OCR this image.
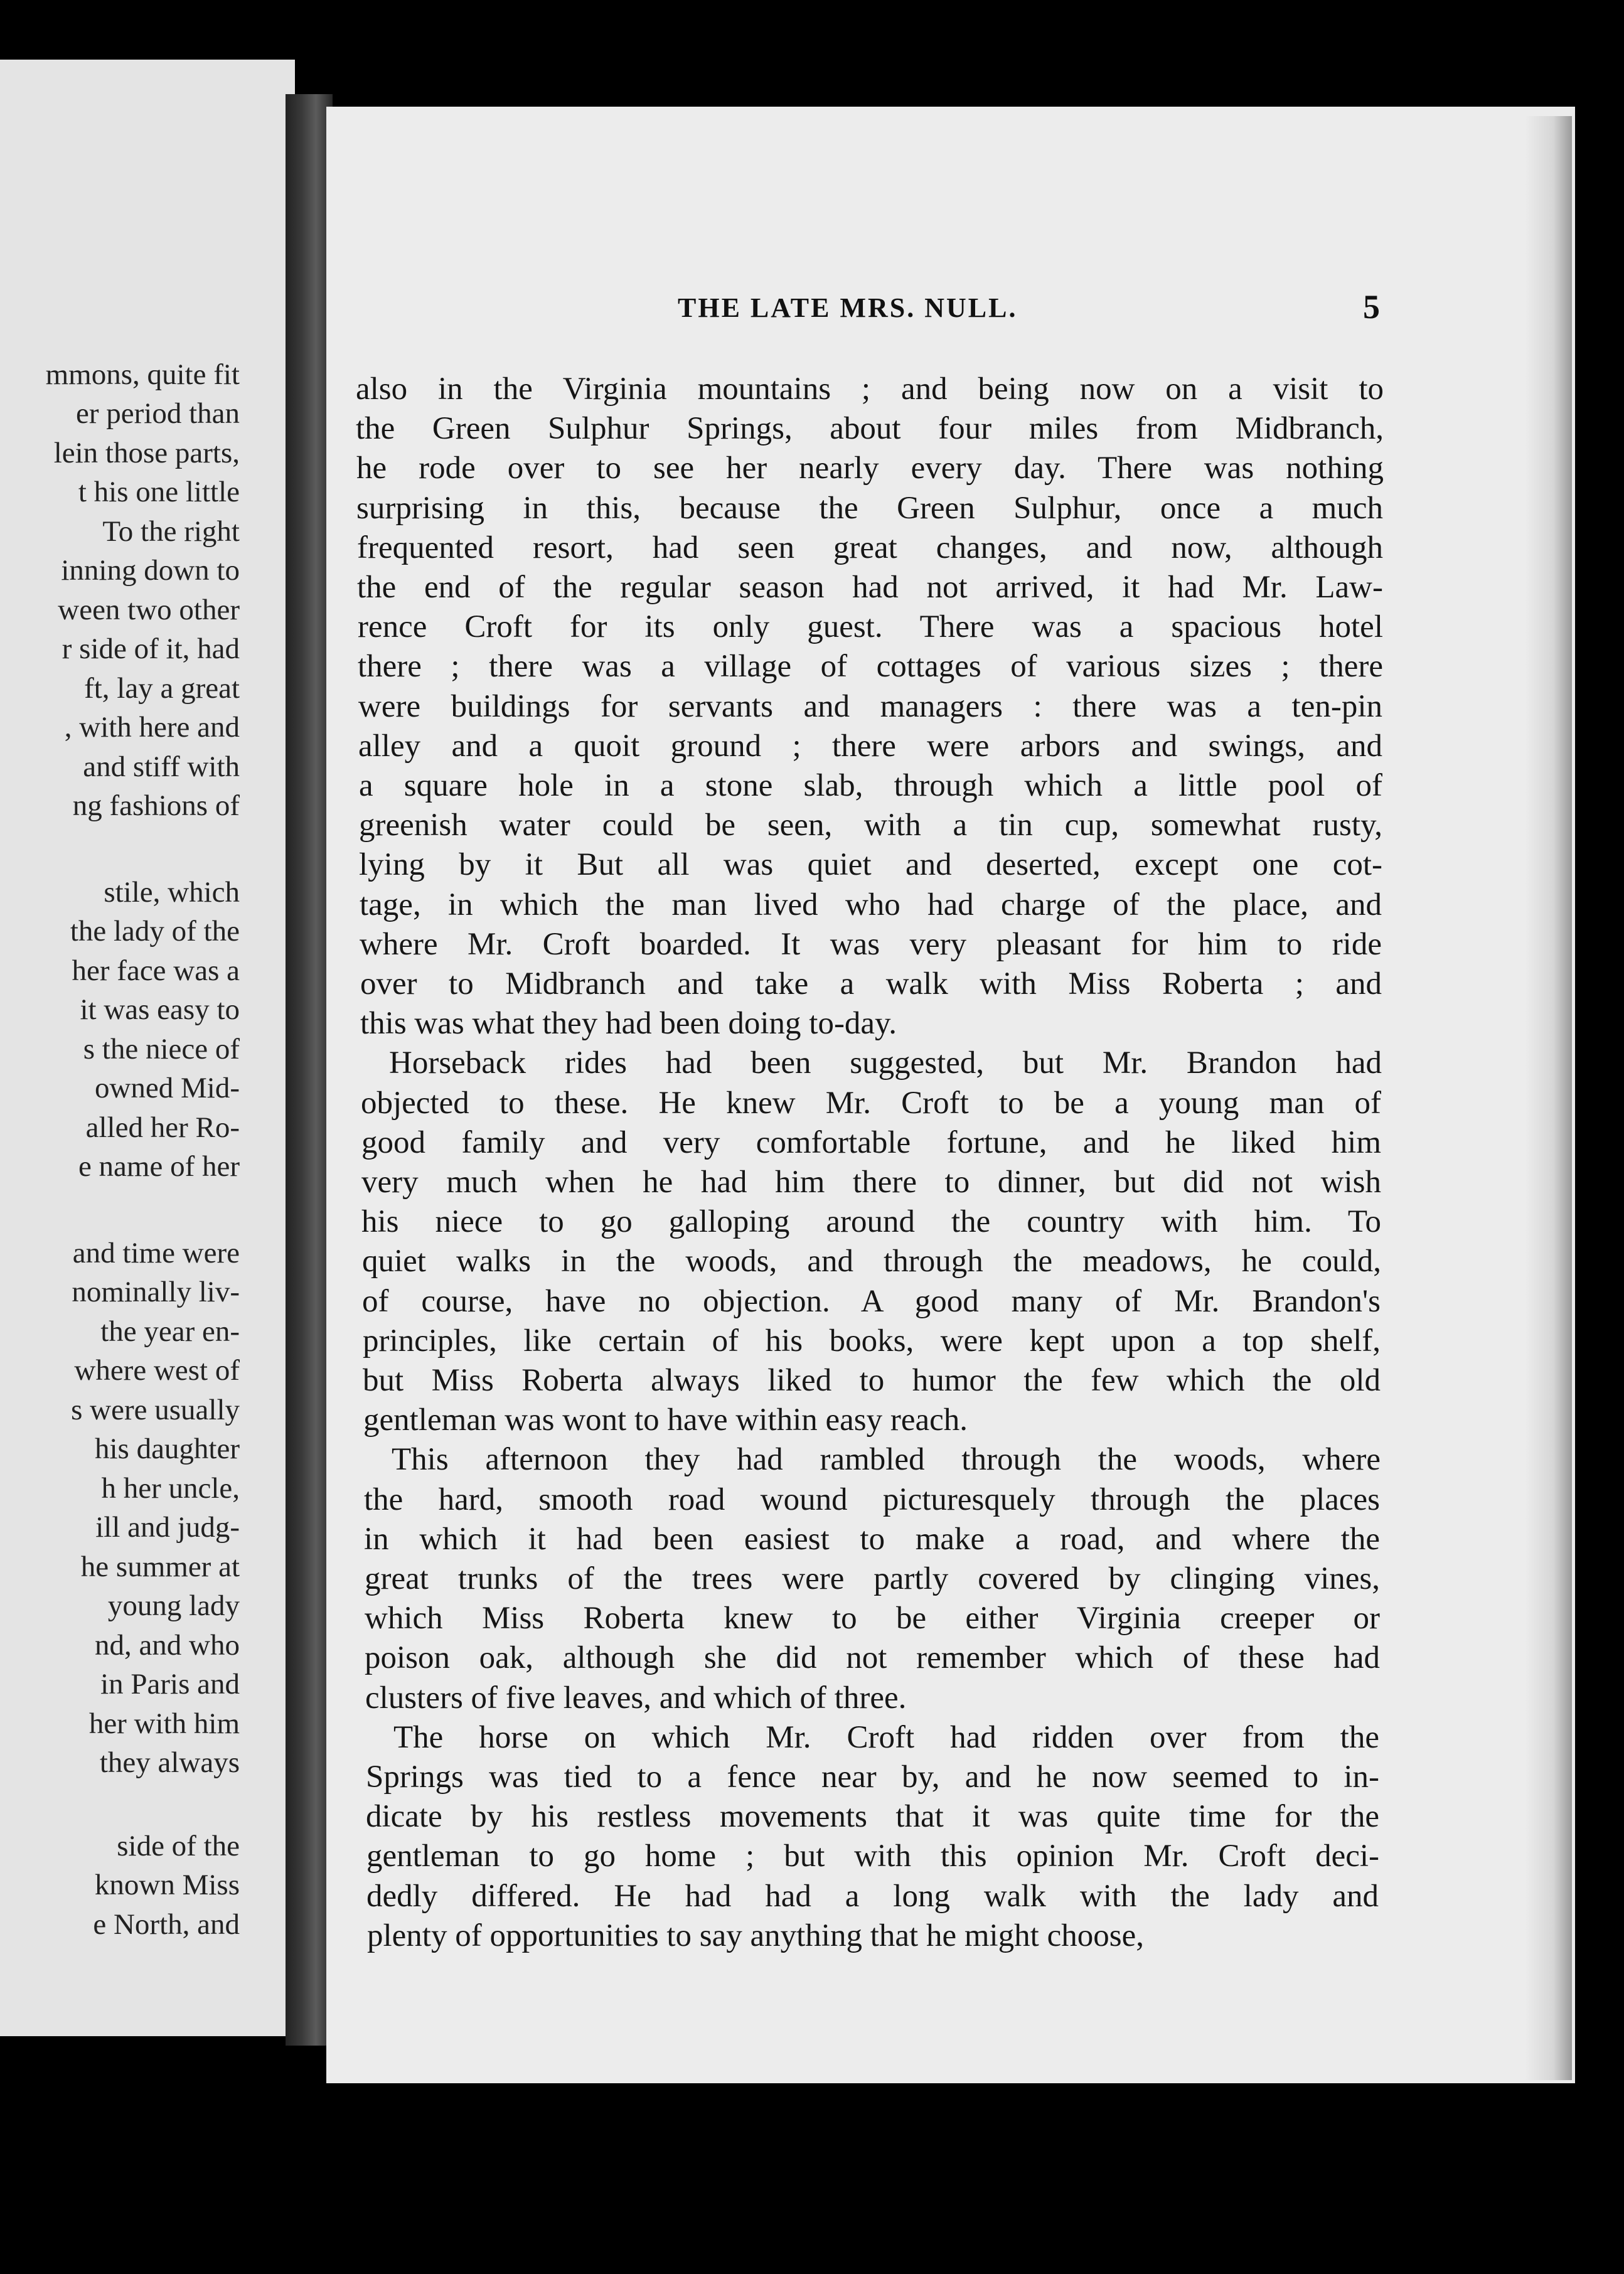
mmons, quite fit
er period than
lein those parts,
t his one little
To the right
inning down to
ween two other
r side of it, had
ft, lay a great
, with here and
and stiff with
ng fashions of
stile, which
the lady of the
her face was a
it was easy to
s the niece of
owned Mid-
alled her Ro-
e name of her
and time were
nominally liv-
the year en-
where west of
s were usually
his daughter
h her uncle,
ill and judg-
he summer at
young lady
nd, and who
in Paris and
her with him
they always
side of the
known Miss
e North, and
THE LATE MRS. NULL.	5
also in the Virginia mountains ; and being now on a visit to
the Green Sulphur Springs, about four miles from Midbranch,
he rode over to see her nearly every day. There was nothing
surprising in this, because the Green Sulphur, once a much
frequented resort, had seen great changes, and now, although
the end of the regular season had not arrived, it had Mr. Law-
rence Croft for its only guest. There was a spacious hotel
there ; there was a village of cottages of various sizes ; there
were buildings for servants and managers : there was a ten-pin
alley and a quoit ground ; there were arbors and swings, and
a square hole in a stone slab, through which a little pool of
greenish water could be seen, with a tin cup, somewhat rusty,
lying by it But all was quiet and deserted, except one cot-
tage, in which the man lived who had charge of the place, and
where Mr. Croft boarded. It was very pleasant for him to ride
over to Midbranch and take a walk with Miss Roberta ; and
this was what they had been doing to-day.
Horseback rides had been suggested, but Mr. Brandon had
objected to these. He knew Mr. Croft to be a young man of
good family and very comfortable fortune, and he liked him
very much when he had him there to dinner, but did not wish
his niece to go galloping around the country with him. To
quiet walks in the woods, and through the meadows, he could,
of course, have no objection. A good many of Mr. Brandon's
principles, like certain of his books, were kept upon a top shelf,
but Miss Roberta always liked to humor the few which the old
gentleman was wont to have within easy reach.
This afternoon they had rambled through the woods, where
the hard, smooth road wound picturesquely through the places
in which it had been easiest to make a road, and where the
great trunks of the trees were partly covered by clinging vines,
which Miss Roberta knew to be either Virginia creeper or
poison oak, although she did not remember which of these had
clusters of five leaves, and which of three.
The horse on which Mr. Croft had ridden over from the
Springs was tied to a fence near by, and he now seemed to in-
dicate by his restless movements that it was quite time for the
gentleman to go home ; but with this opinion Mr. Croft deci-
dedly differed. He had had a long walk with the lady and
plenty of opportunities to say anything that he might choose,
